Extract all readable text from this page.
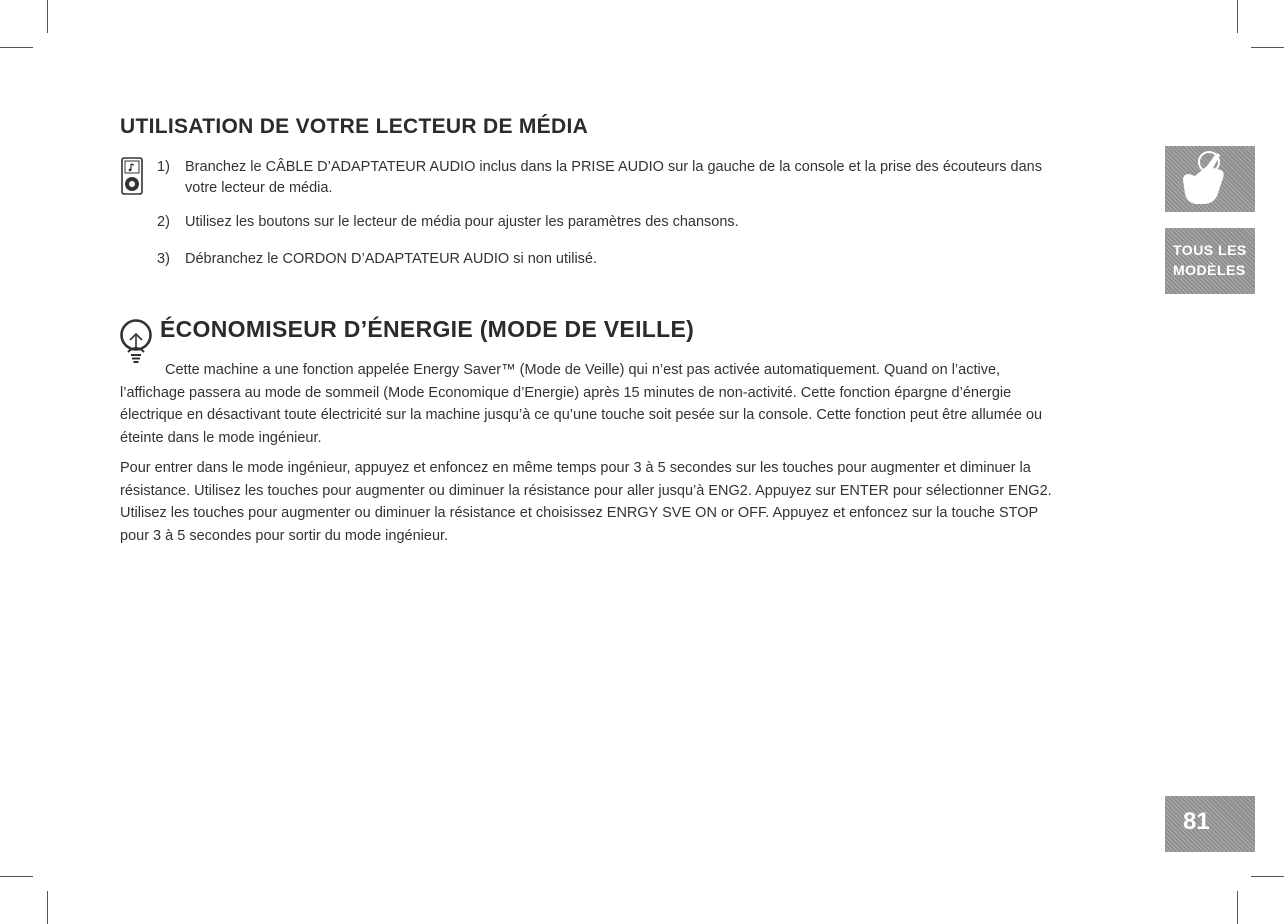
UTILISATION DE VOTRE LECTEUR DE MÉDIA
1) Branchez le CÂBLE D’ADAPTATEUR AUDIO inclus dans la PRISE AUDIO sur la gauche de la console et la prise des écouteurs dans votre lecteur de média.
2) Utilisez les boutons sur le lecteur de média pour ajuster les paramètres des chansons.
3) Débranchez le CORDON D’ADAPTATEUR AUDIO si non utilisé.
ÉCONOMISEUR D’ÉNERGIE (MODE DE VEILLE)

Cette machine a une fonction appelée Energy Saver™ (Mode de Veille) qui n’est pas activée automatiquement. Quand on l’active, l’affichage passera au mode de sommeil (Mode Economique d’Energie) après 15 minutes de non-activité. Cette fonction épargne d’énergie électrique en désactivant toute électricité sur la machine jusqu’à ce qu’une touche soit pesée sur la console. Cette fonction peut être allumée ou éteinte dans le mode ingénieur.

Pour entrer dans le mode ingénieur, appuyez et enfoncez en même temps pour 3 à 5 secondes sur les touches pour augmenter et diminuer la résistance. Utilisez les touches pour augmenter ou diminuer la résistance pour aller jusqu’à ENG2. Appuyez sur ENTER pour sélectionner ENG2. Utilisez les touches pour augmenter ou diminuer la résistance et choisissez ENRGY SVE ON or OFF. Appuyez et enfoncez sur la touche STOP pour 3 à 5 secondes pour sortir du mode ingénieur.

TOUS LES
MODÈLES
81
